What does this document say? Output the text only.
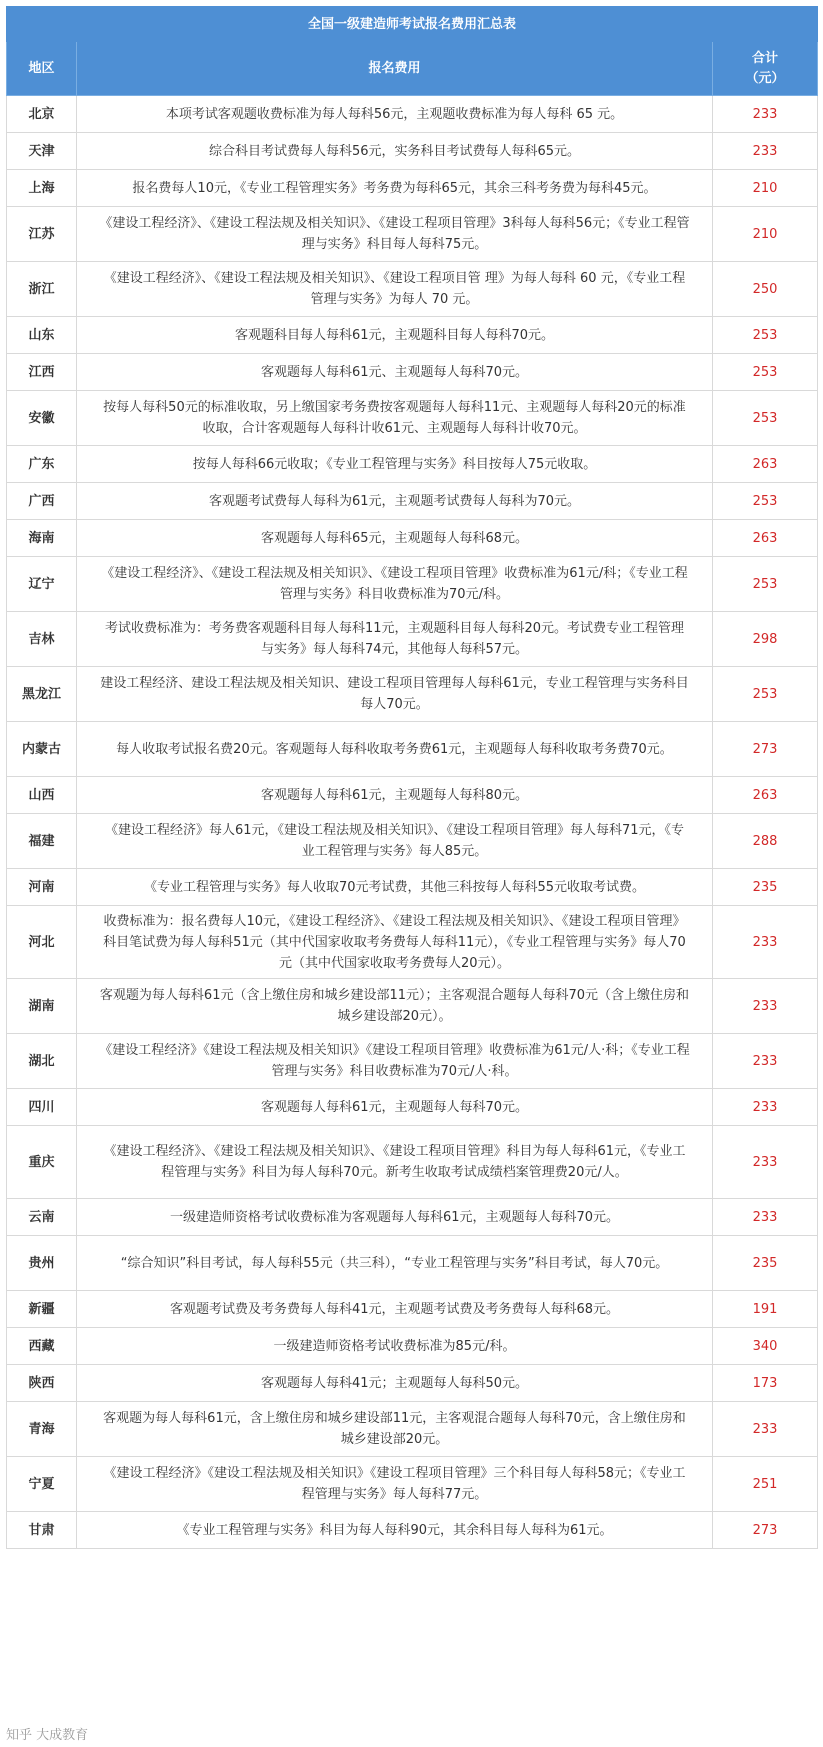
全国一级建造师考试报名费用汇总表		
地区	报名费用	合计
（元）

北京	本项考试客观题收费标准为每人每科56元，主观题收费标准为每人每科 65 元。	233
天津	综合科目考试费每人每科56元，实务科目考试费每人每科65元。	233
上海	报名费每人10元，《专业工程管理实务》考务费为每科65元，其余三科考务费为每科45元。	210
江苏	《建设工程经济》、《建设工程法规及相关知识》、《建设工程项目管理》3科每人每科56元；《专业工程管理与实务》科目每人每科75元。	210
浙江	《建设工程经济》、《建设工程法规及相关知识》、《建设工程项目管 理》为每人每科 60 元，《专业工程管理与实务》为每人 70 元。	250
山东	客观题科目每人每科61元，主观题科目每人每科70元。	253
江西	客观题每人每科61元、主观题每人每科70元。	253
安徽	按每人每科50元的标准收取，另上缴国家考务费按客观题每人每科11元、主观题每人每科20元的标准收取，合计客观题每人每科计收61元、主观题每人每科计收70元。	253
广东	按每人每科66元收取；《专业工程管理与实务》科目按每人75元收取。	263
广西	客观题考试费每人每科为61元，主观题考试费每人每科为70元。	253
海南	客观题每人每科65元，主观题每人每科68元。	263
辽宁	《建设工程经济》、《建设工程法规及相关知识》、《建设工程项目管理》收费标准为61元/科；《专业工程管理与实务》科目收费标准为70元/科。	253
吉林	考试收费标准为：考务费客观题科目每人每科11元，主观题科目每人每科20元。考试费专业工程管理与实务》每人每科74元，其他每人每科57元。	298
黑龙江	建设工程经济、建设工程法规及相关知识、建设工程项目管理每人每科61元，专业工程管理与实务科目每人70元。	253
内蒙古	每人收取考试报名费20元。客观题每人每科收取考务费61元，主观题每人每科收取考务费70元。	273
山西	客观题每人每科61元，主观题每人每科80元。	263
福建	《建设工程经济》每人61元，《建设工程法规及相关知识》、《建设工程项目管理》每人每科71元，《专业工程管理与实务》每人85元。	288
河南	《专业工程管理与实务》每人收取70元考试费，其他三科按每人每科55元收取考试费。	235
河北	收费标准为：报名费每人10元，《建设工程经济》、《建设工程法规及相关知识》、《建设工程项目管理》科目笔试费为每人每科51元（其中代国家收取考务费每人每科11元），《专业工程管理与实务》每人70元（其中代国家收取考务费每人20元）。	233
湖南	客观题为每人每科61元（含上缴住房和城乡建设部11元）；主客观混合题每人每科70元（含上缴住房和城乡建设部20元）。	233
湖北	《建设工程经济》《建设工程法规及相关知识》《建设工程项目管理》收费标准为61元/人·科；《专业工程管理与实务》科目收费标准为70元/人·科。	233
四川	客观题每人每科61元，主观题每人每科70元。	233
重庆	《建设工程经济》、《建设工程法规及相关知识》、《建设工程项目管理》科目为每人每科61元，《专业工程管理与实务》科目为每人每科70元。新考生收取考试成绩档案管理费20元/人。	233
云南	一级建造师资格考试收费标准为客观题每人每科61元，主观题每人每科70元。	233
贵州	“综合知识”科目考试，每人每科55元（共三科），“专业工程管理与实务”科目考试，每人70元。	235
新疆	客观题考试费及考务费每人每科41元，主观题考试费及考务费每人每科68元。	191
西藏	一级建造师资格考试收费标准为85元/科。	340
陕西	客观题每人每科41元；主观题每人每科50元。	173
青海	客观题为每人每科61元，含上缴住房和城乡建设部11元，主客观混合题每人每科70元，含上缴住房和城乡建设部20元。	233
宁夏	《建设工程经济》《建设工程法规及相关知识》《建设工程项目管理》三个科目每人每科58元；《专业工程管理与实务》每人每科77元。	251
甘肃	《专业工程管理与实务》科目为每人每科90元，其余科目每人每科为61元。	273
知乎 大成教育
